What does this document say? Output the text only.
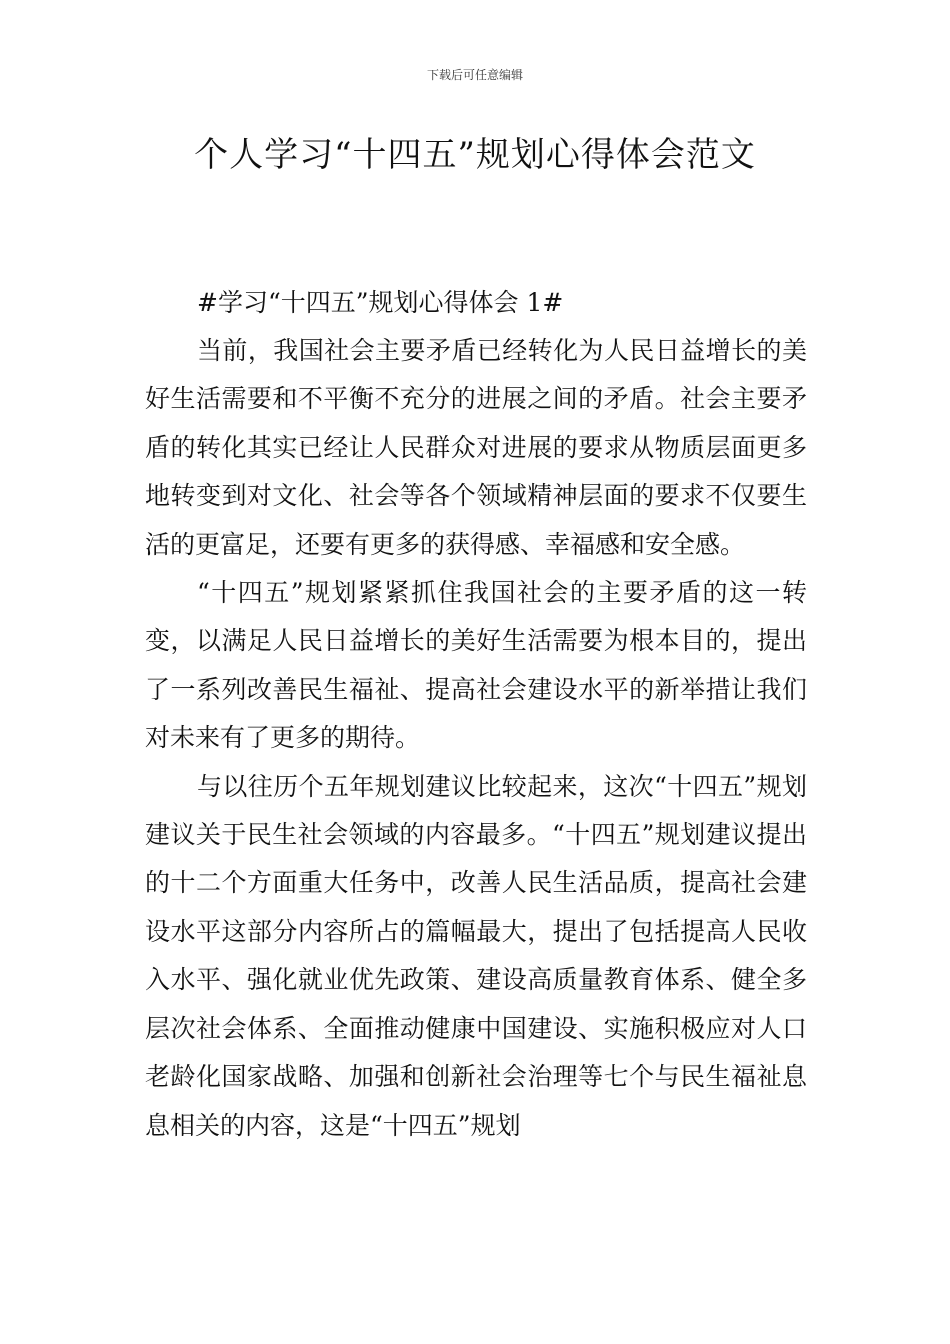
下载后可任意编辑
个人学习“十四五”规划心得体会范文

#学习“十四五”规划心得体会 1#

当前，我国社会主要矛盾已经转化为人民日益增长的美好生活需要和不平衡不充分的进展之间的矛盾。社会主要矛盾的转化其实已经让人民群众对进展的要求从物质层面更多地转变到对文化、社会等各个领域精神层面的要求不仅要生活的更富足，还要有更多的获得感、幸福感和安全感。

“十四五”规划紧紧抓住我国社会的主要矛盾的这一转变，以满足人民日益增长的美好生活需要为根本目的，提出了一系列改善民生福祉、提高社会建设水平的新举措让我们对未来有了更多的期待。

与以往历个五年规划建议比较起来，这次“十四五”规划建议关于民生社会领域的内容最多。“十四五”规划建议提出的十二个方面重大任务中，改善人民生活品质，提高社会建设水平这部分内容所占的篇幅最大，提出了包括提高人民收入水平、强化就业优先政策、建设高质量教育体系、健全多层次社会体系、全面推动健康中国建设、实施积极应对人口老龄化国家战略、加强和创新社会治理等七个与民生福祉息息相关的内容，这是“十四五”规划
